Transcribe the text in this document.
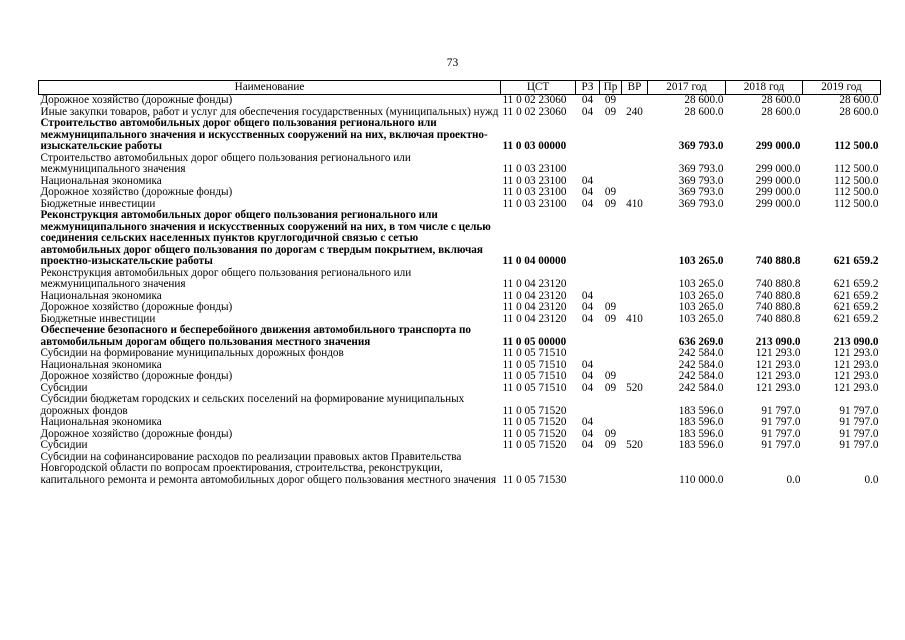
73
Наименование	ЦСТ	РЗ	Пр	ВР	2017 год	2018 год	2019 год
Дорожное хозяйство (дорожные фонды)	11 0 02 23060	04	09		28 600.0	28 600.0	28 600.0
Иные закупки товаров, работ и услуг для обеспечения государственных (муниципальных) нужд	11 0 02 23060	04	09	240	28 600.0	28 600.0	28 600.0
Строительство автомобильных дорог общего пользования регионального или межмуниципального значения и искусственных сооружений на них, включая проектно-изыскательские работы	11 0 03 00000				369 793.0	299 000.0	112 500.0
Строительство автомобильных дорог общего пользования регионального или межмуниципального значения	11 0 03 23100				369 793.0	299 000.0	112 500.0
Национальная экономика	11 0 03 23100	04			369 793.0	299 000.0	112 500.0
Дорожное хозяйство (дорожные фонды)	11 0 03 23100	04	09		369 793.0	299 000.0	112 500.0
Бюджетные инвестиции	11 0 03 23100	04	09	410	369 793.0	299 000.0	112 500.0
Реконструкция автомобильных дорог общего пользования регионального или межмуниципального значения и искусственных сооружений на них, в том числе с целью соединения сельских населенных пунктов круглогодичной связью с сетью автомобильных дорог общего пользования по дорогам с твердым покрытием, включая проектно-изыскательские работы	11 0 04 00000				103 265.0	740 880.8	621 659.2
Реконструкция автомобильных дорог общего пользования регионального или межмуниципального значения	11 0 04 23120				103 265.0	740 880.8	621 659.2
Национальная экономика	11 0 04 23120	04			103 265.0	740 880.8	621 659.2
Дорожное хозяйство (дорожные фонды)	11 0 04 23120	04	09		103 265.0	740 880.8	621 659.2
Бюджетные инвестиции	11 0 04 23120	04	09	410	103 265.0	740 880.8	621 659.2
Обеспечение безопасного и бесперебойного движения автомобильного транспорта по автомобильным дорогам общего пользования местного значения	11 0 05 00000				636 269.0	213 090.0	213 090.0
Субсидии на формирование муниципальных дорожных фондов	11 0 05 71510				242 584.0	121 293.0	121 293.0
Национальная экономика	11 0 05 71510	04			242 584.0	121 293.0	121 293.0
Дорожное хозяйство (дорожные фонды)	11 0 05 71510	04	09		242 584.0	121 293.0	121 293.0
Субсидии	11 0 05 71510	04	09	520	242 584.0	121 293.0	121 293.0
Субсидии бюджетам городских и сельских поселений на формирование муниципальных дорожных фондов	11 0 05 71520				183 596.0	91 797.0	91 797.0
Национальная экономика	11 0 05 71520	04			183 596.0	91 797.0	91 797.0
Дорожное хозяйство (дорожные фонды)	11 0 05 71520	04	09		183 596.0	91 797.0	91 797.0
Субсидии	11 0 05 71520	04	09	520	183 596.0	91 797.0	91 797.0
Субсидии на софинансирование расходов по реализации правовых актов Правительства Новгородской области по вопросам проектирования, строительства, реконструкции, капитального ремонта и ремонта автомобильных дорог общего пользования местного значения	11 0 05 71530				110 000.0	0.0	0.0
